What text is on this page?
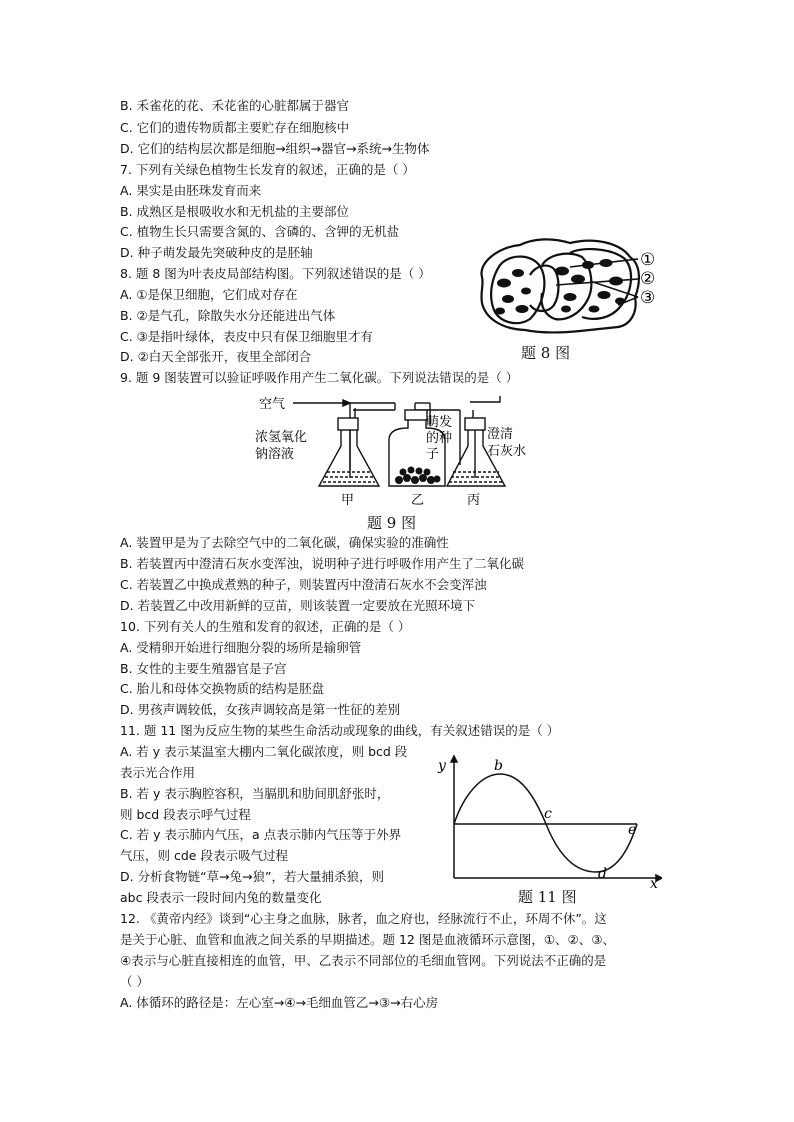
B. 禾雀花的花、禾花雀的心脏都属于器官
C. 它们的遗传物质都主要贮存在细胞核中
D. 它们的结构层次都是细胞→组织→器官→系统→生物体
7. 下列有关绿色植物生长发育的叙述，正确的是（ ）
A. 果实是由胚珠发育而来
B. 成熟区是根吸收水和无机盐的主要部位
C. 植物生长只需要含氮的、含磷的、含钾的无机盐
D. 种子萌发最先突破种皮的是胚轴
8. 题 8 图为叶表皮局部结构图。下列叙述错误的是（ ）
A. ①是保卫细胞，它们成对存在
B. ②是气孔，除散失水分还能进出气体
C. ③是指叶绿体，表皮中只有保卫细胞里才有
D. ②白天全部张开，夜里全部闭合
9. 题 9 图装置可以验证呼吸作用产生二氧化碳。下列说法错误的是（ ）
①
②
③
题 8 图
空气
浓氢氧化
钠溶液
萌发
的种
子
澄清
石灰水
甲	乙	丙
题 9 图
A. 装置甲是为了去除空气中的二氧化碳，确保实验的准确性
B. 若装置丙中澄清石灰水变浑浊，说明种子进行呼吸作用产生了二氧化碳
C. 若装置乙中换成煮熟的种子，则装置丙中澄清石灰水不会变浑浊
D. 若装置乙中改用新鲜的豆苗，则该装置一定要放在光照环境下
10. 下列有关人的生殖和发育的叙述，正确的是（ ）
A. 受精卵开始进行细胞分裂的场所是输卵管
B. 女性的主要生殖器官是子宫
C. 胎儿和母体交换物质的结构是胚盘
D. 男孩声调较低，女孩声调较高是第一性征的差别
11. 题 11 图为反应生物的某些生命活动或现象的曲线，有关叙述错误的是（ ）
A. 若 y 表示某温室大棚内二氧化碳浓度，则 bcd 段
表示光合作用
B. 若 y 表示胸腔容积，当膈肌和肋间肌舒张时，
则 bcd 段表示呼气过程
C. 若 y 表示肺内气压，a 点表示肺内气压等于外界
气压，则 cde 段表示吸气过程
D. 分析食物链“草→兔→狼”，若大量捕杀狼，则
abc 段表示一段时间内兔的数量变化
y
x
b
c
d
e
题 11 图
12. 《黄帝内经》谈到“心主身之血脉，脉者，血之府也，经脉流行不止，环周不休”。这
是关于心脏、血管和血液之间关系的早期描述。题 12 图是血液循环示意图，①、②、③、
④表示与心脏直接相连的血管，甲、乙表示不同部位的毛细血管网。下列说法不正确的是
（ ）
A. 体循环的路径是：左心室→④→毛细血管乙→③→右心房
